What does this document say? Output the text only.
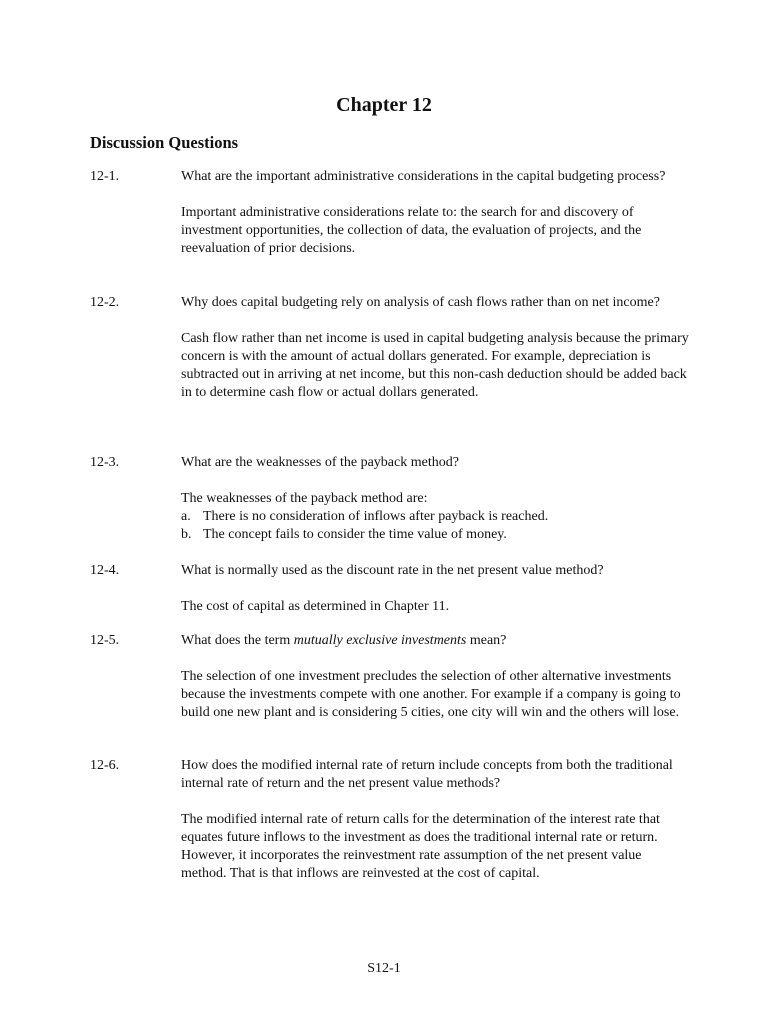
Chapter 12
Discussion Questions
12-1.	What are the important administrative considerations in the capital budgeting process?

Important administrative considerations relate to: the search for and discovery of investment opportunities, the collection of data, the evaluation of projects, and the reevaluation of prior decisions.

12-2.	Why does capital budgeting rely on analysis of cash flows rather than on net income?

Cash flow rather than net income is used in capital budgeting analysis because the primary concern is with the amount of actual dollars generated. For example, depreciation is subtracted out in arriving at net income, but this non-cash deduction should be added back in to determine cash flow or actual dollars generated.

12-3.	What are the weaknesses of the payback method?

The weaknesses of the payback method are:

a. There is no consideration of inflows after payback is reached.
b. The concept fails to consider the time value of money.
12-4.	What is normally used as the discount rate in the net present value method?

The cost of capital as determined in Chapter 11.

12-5.	What does the term mutually exclusive investments mean?

The selection of one investment precludes the selection of other alternative investments because the investments compete with one another. For example if a company is going to build one new plant and is considering 5 cities, one city will win and the others will lose.

12-6.	How does the modified internal rate of return include concepts from both the traditional internal rate of return and the net present value methods?

The modified internal rate of return calls for the determination of the interest rate that equates future inflows to the investment as does the traditional internal rate or return. However, it incorporates the reinvestment rate assumption of the net present value method. That is that inflows are reinvested at the cost of capital.

S12-1
